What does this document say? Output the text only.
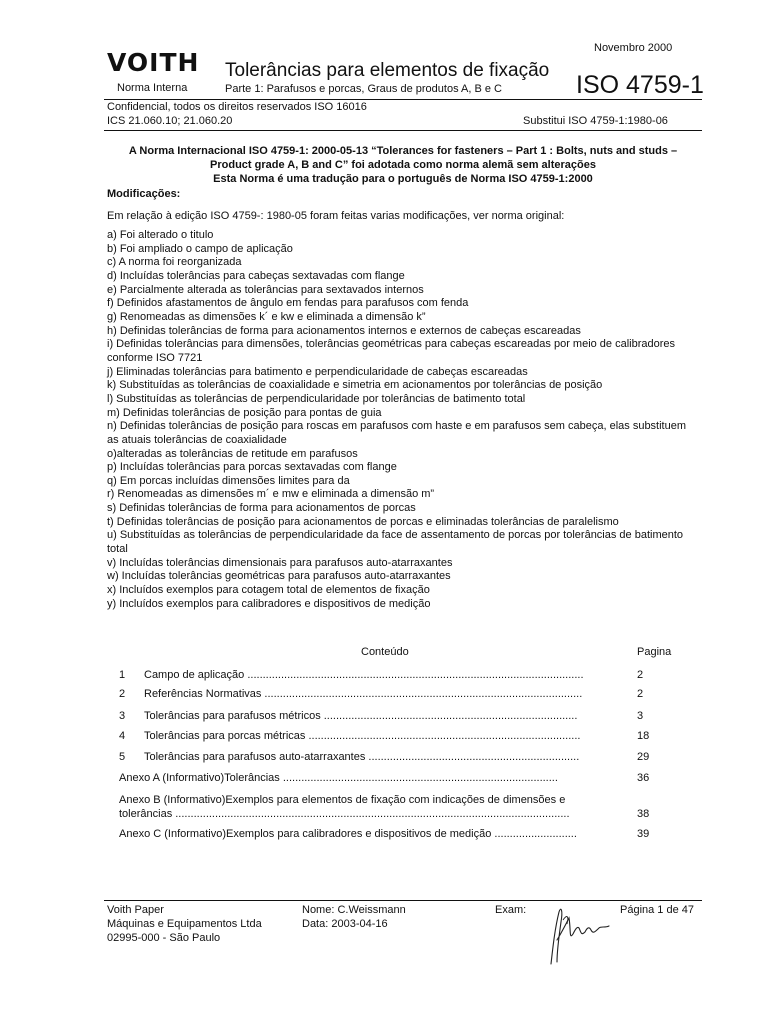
VOITH
Norma Interna
Novembro 2000
Tolerâncias para elementos de fixação
Parte 1: Parafusos e porcas, Graus de produtos A, B e C	ISO 4759-1
Confidencial, todos os direitos reservados ISO 16016
ICS 21.060.10; 21.060.20	Substitui ISO 4759-1:1980-06
A Norma Internacional ISO 4759-1: 2000-05-13 “Tolerances for fasteners – Part 1 : Bolts, nuts and studs –
Product grade A, B and C” foi adotada como norma alemã sem alterações
Esta Norma é uma tradução para o português de Norma ISO 4759-1:2000
Modificações:
Em relação à edição ISO 4759-: 1980-05 foram feitas varias modificações, ver norma original:
a) Foi alterado o titulo
b) Foi ampliado o campo de aplicação
c) A norma foi reorganizada
d) Incluídas tolerâncias para cabeças sextavadas com flange
e) Parcialmente alterada as tolerâncias para sextavados internos
f) Definidos afastamentos de ângulo em fendas para parafusos com fenda
g) Renomeadas as dimensões k´ e kw e eliminada a dimensão k”
h) Definidas tolerâncias de forma para acionamentos internos e externos de cabeças escareadas
i) Definidas tolerâncias para dimensões, tolerâncias geométricas para cabeças escareadas por meio de calibradores conforme ISO 7721
j) Eliminadas tolerâncias para batimento e perpendicularidade de cabeças escareadas
k) Substituídas as tolerâncias de coaxialidade e simetria em acionamentos por tolerâncias de posição
l) Substituídas as tolerâncias de perpendicularidade por tolerâncias de batimento total
m) Definidas tolerâncias de posição para pontas de guia
n) Definidas tolerâncias de posição para roscas em parafusos com haste e em parafusos sem cabeça, elas substituem as atuais tolerâncias de coaxialidade
o)alteradas as tolerâncias de retitude em parafusos
p) Incluídas tolerâncias para porcas sextavadas com flange
q) Em porcas incluídas dimensões limites para da
r) Renomeadas as dimensões m´ e mw e eliminada a dimensão m”
s) Definidas tolerâncias de forma para acionamentos de porcas
t) Definidas tolerâncias de posição para acionamentos de porcas e eliminadas tolerâncias de paralelismo
u) Substituídas as tolerâncias de perpendicularidade da face de assentamento de porcas por tolerâncias de batimento total
v) Incluídas tolerâncias dimensionais para parafusos auto-atarraxantes
w) Incluídas tolerâncias geométricas para parafusos auto-atarraxantes
x) Incluídos exemplos para cotagem total de elementos de fixação
y) Incluídos exemplos para calibradores e dispositivos de medição
Conteúdo	Pagina
1 Campo de aplicação ..............................................................................................................	2
2 Referências Normativas ........................................................................................................	2
3 Tolerâncias para parafusos métricos ...................................................................................	3
4 Tolerâncias para porcas métricas .........................................................................................	18
5 Tolerâncias para parafusos auto-atarraxantes .....................................................................	29
Anexo A (Informativo)Tolerâncias ..........................................................................................	36
Anexo B (Informativo)Exemplos para elementos de fixação com indicações de dimensões e
tolerâncias .................................................................................................................................	38
Anexo C (Informativo)Exemplos para calibradores e dispositivos de medição ...........................	39
Voith Paper
Máquinas e Equipamentos Ltda
02995-000 - São Paulo
Nome: C.Weissmann
Data: 2003-04-16
Exam:	Página 1 de 47
